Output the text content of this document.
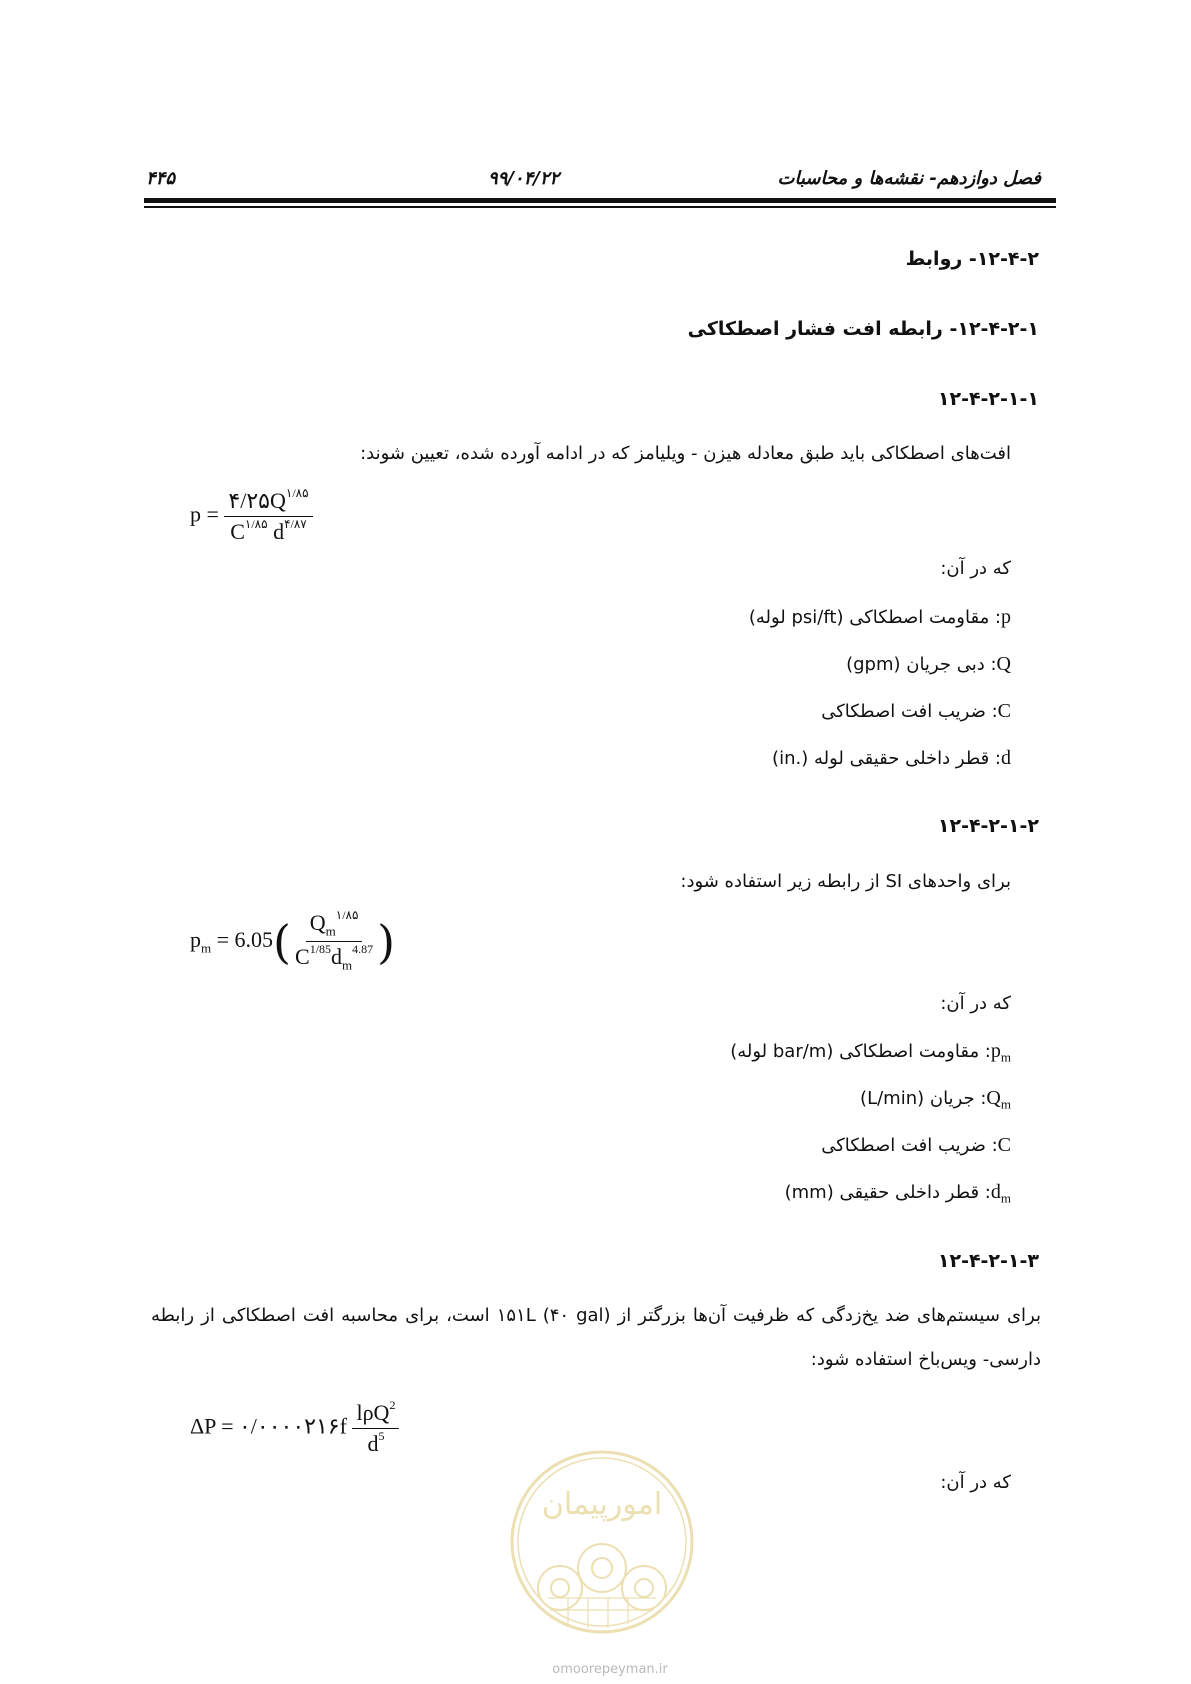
۴۴۵	۹۹/۰۴/۲۲	فصل دوازدهم- نقشه‌ها و محاسبات
۱۲-۴-۲- روابط
۱۲-۴-۲-۱- رابطه افت فشار اصطکاکی
۱۲-۴-۲-۱-۱
افت‌های اصطکاکی باید طبق معادله هیزن - ویلیامز که در ادامه آورده شده، تعیین شوند:
$p = \frac{۴/۲۵Q^{۱/۸۵}}{C^{۱/۸۵} d^{۴/۸۷}}$
که در آن:
p: مقاومت اصطکاکی (psi/ft لوله)
Q: دبی جریان (gpm)
C: ضریب افت اصطکاکی
d: قطر داخلی حقیقی لوله (.in)
۱۲-۴-۲-۱-۲
برای واحدهای SI از رابطه زیر استفاده شود:
$p_m = 6.05( \frac{Q_m^{۱/۸۵}}{C^{1/85}d_m^{4.87}}$ )
که در آن:
$p_m$: مقاومت اصطکاکی (bar/m لوله)
$Q_m$: جریان (L/min)
C: ضریب افت اصطکاکی
$d_m$: قطر داخلی حقیقی (mm)
۱۲-۴-۲-۱-۳
برای سیستم‌های ضد یخ‌زدگی که ظرفیت آن‌ها بزرگتر از ۱۵۱L (۴۰ gal) است، برای محاسبه افت اصطکاکی از رابطه دارسی- ویس‌باخ استفاده شود:
ΔP = ۰/۰۰۰۰۲۱۶f $\frac{l\rho Q^2}{d^5}$
که در آن:
امورپیمان
omoorepeyman.ir
